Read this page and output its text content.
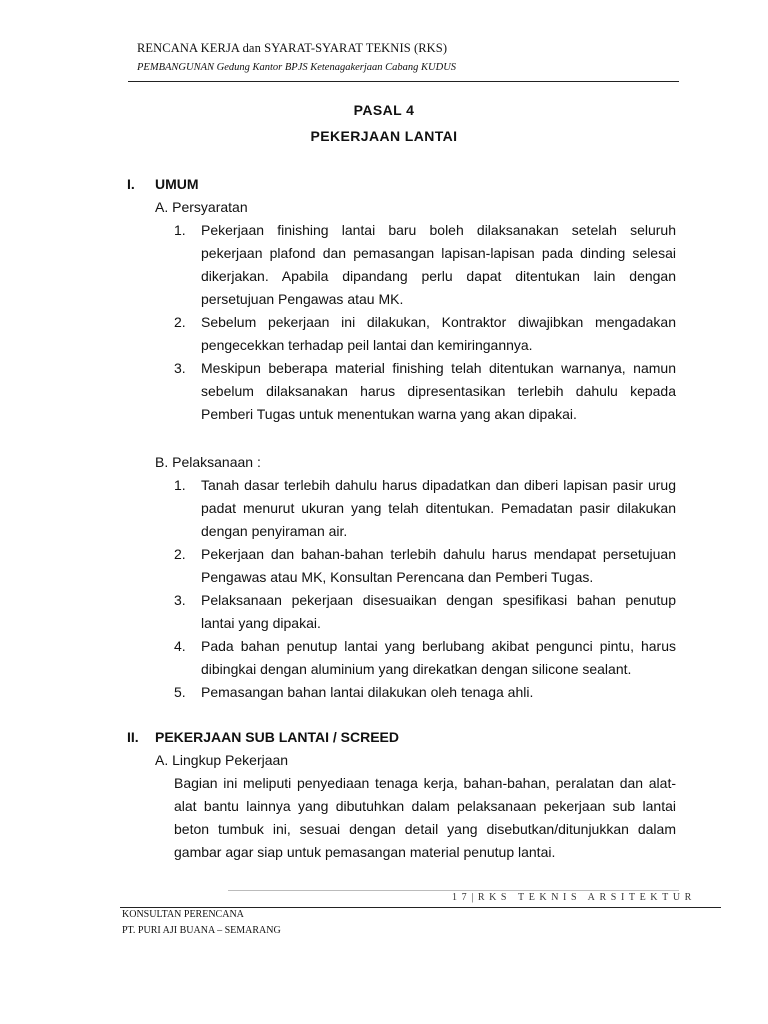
RENCANA KERJA dan SYARAT-SYARAT TEKNIS (RKS)
PEMBANGUNAN Gedung Kantor BPJS Ketenagakerjaan Cabang KUDUS
PASAL 4
PEKERJAAN LANTAI
I. UMUM
A. Persyaratan
1. Pekerjaan finishing lantai baru boleh dilaksanakan setelah seluruh
pekerjaan plafond dan pemasangan lapisan-lapisan pada dinding selesai
dikerjakan. Apabila dipandang perlu dapat ditentukan lain dengan
persetujuan Pengawas atau MK.
2. Sebelum pekerjaan ini dilakukan, Kontraktor diwajibkan mengadakan
pengecekkan terhadap peil lantai dan kemiringannya.
3. Meskipun beberapa material finishing telah ditentukan warnanya, namun
sebelum dilaksanakan harus dipresentasikan terlebih dahulu kepada
Pemberi Tugas untuk menentukan warna yang akan dipakai.
B. Pelaksanaan :
1. Tanah dasar terlebih dahulu harus dipadatkan dan diberi lapisan pasir urug
padat menurut ukuran yang telah ditentukan. Pemadatan pasir dilakukan
dengan penyiraman air.
2. Pekerjaan dan bahan-bahan terlebih dahulu harus mendapat persetujuan
Pengawas atau MK, Konsultan Perencana dan Pemberi Tugas.
3. Pelaksanaan pekerjaan disesuaikan dengan spesifikasi bahan penutup
lantai yang dipakai.
4. Pada bahan penutup lantai yang berlubang akibat pengunci pintu, harus
dibingkai dengan aluminium yang direkatkan dengan silicone sealant.
5. Pemasangan bahan lantai dilakukan oleh tenaga ahli.
II. PEKERJAAN SUB LANTAI / SCREED
A. Lingkup Pekerjaan
Bagian ini meliputi penyediaan tenaga kerja, bahan-bahan, peralatan dan alat-
alat bantu lainnya yang dibutuhkan dalam pelaksanaan pekerjaan sub lantai
beton tumbuk ini, sesuai dengan detail yang disebutkan/ditunjukkan dalam
gambar agar siap untuk pemasangan material penutup lantai.
17|RKS TEKNIS ARSITEKTUR
KONSULTAN PERENCANA
PT. PURI AJI BUANA – SEMARANG
